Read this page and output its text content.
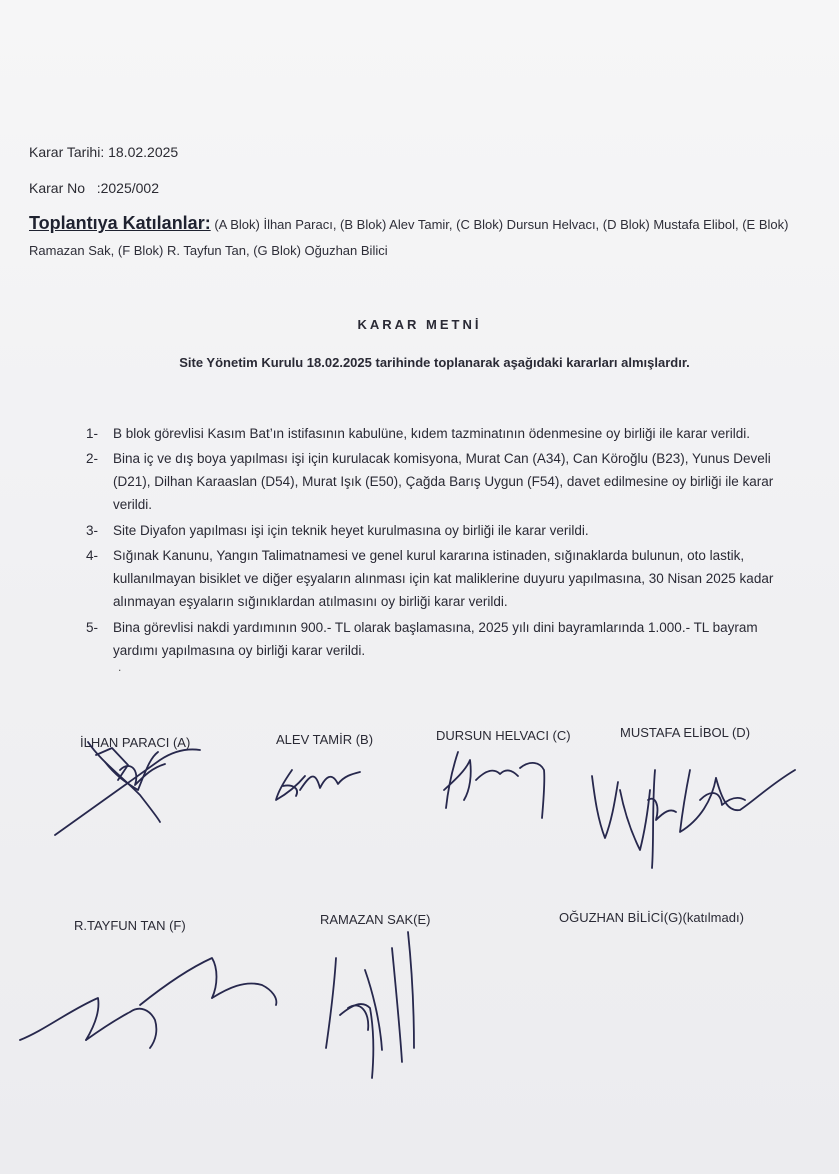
Karar Tarihi: 18.02.2025
Karar No :2025/002
Toplantıya Katılanlar: (A Blok) İlhan Paracı, (B Blok) Alev Tamir, (C Blok) Dursun Helvacı, (D Blok) Mustafa Elibol, (E Blok) Ramazan Sak, (F Blok) R. Tayfun Tan, (G Blok) Oğuzhan Bilici
KARAR METNİ
Site Yönetim Kurulu 18.02.2025 tarihinde toplanarak aşağıdaki kararları almışlardır.
1- B blok görevlisi Kasım Bat’ın istifasının kabulüne, kıdem tazminatının ödenmesine oy birliği ile karar verildi.
2- Bina iç ve dış boya yapılması işi için kurulacak komisyona, Murat Can (A34), Can Köroğlu (B23), Yunus Develi (D21), Dilhan Karaaslan (D54), Murat Işık (E50), Çağda Barış Uygun (F54), davet edilmesine oy birliği ile karar verildi.
3- Site Diyafon yapılması işi için teknik heyet kurulmasına oy birliği ile karar verildi.
4- Sığınak Kanunu, Yangın Talimatnamesi ve genel kurul kararına istinaden, sığınaklarda bulunun, oto lastik, kullanılmayan bisiklet ve diğer eşyaların alınması için kat maliklerine duyuru yapılmasına, 30 Nisan 2025 kadar alınmayan eşyaların sığınıklardan atılmasını oy birliği karar verildi.
5- Bina görevlisi nakdi yardımının 900.- TL olarak başlamasına, 2025 yılı dini bayramlarında 1.000.- TL bayram yardımı yapılmasına oy birliği karar verildi.
.
İLHAN PARACI (A)	ALEV TAMİR (B)	DURSUN HELVACI (C)	MUSTAFA ELİBOL (D)
R.TAYFUN TAN (F)	RAMAZAN SAK(E)	OĞUZHAN BİLİCİ(G)(katılmadı)
